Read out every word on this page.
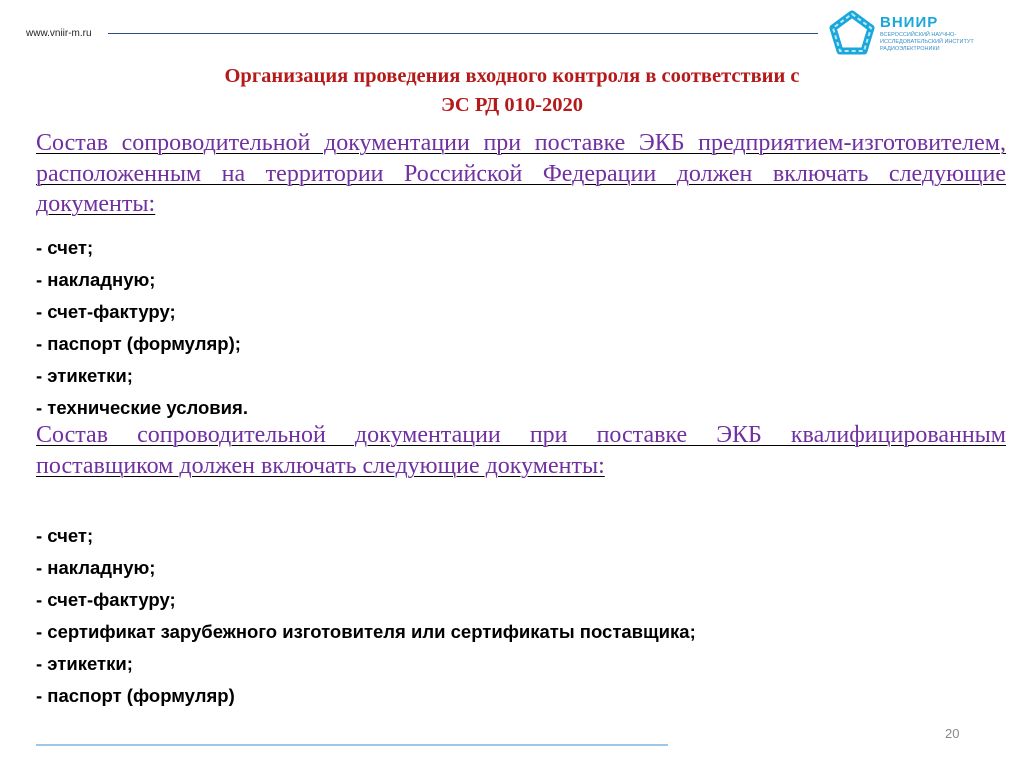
www.vniir-m.ru
ВНИИР
ВСЕРОССИЙСКИЙ НАУЧНО-ИССЛЕДОВАТЕЛЬСКИЙ ИНСТИТУТ РАДИОЭЛЕКТРОНИКИ
Организация проведения входного контроля в соответствии с
ЭС РД 010-2020
Состав сопроводительной документации при поставке ЭКБ предприятием-изготовителем, расположенным на территории Российской Федерации должен включать следующие документы:
- счет;
- накладную;
- счет-фактуру;
- паспорт (формуляр);
- этикетки;
- технические условия.
Состав сопроводительной документации при поставке ЭКБ квалифицированным поставщиком должен включать следующие документы:
- счет;
- накладную;
- счет-фактуру;
- сертификат зарубежного изготовителя или сертификаты поставщика;
- этикетки;
- паспорт (формуляр)
20
